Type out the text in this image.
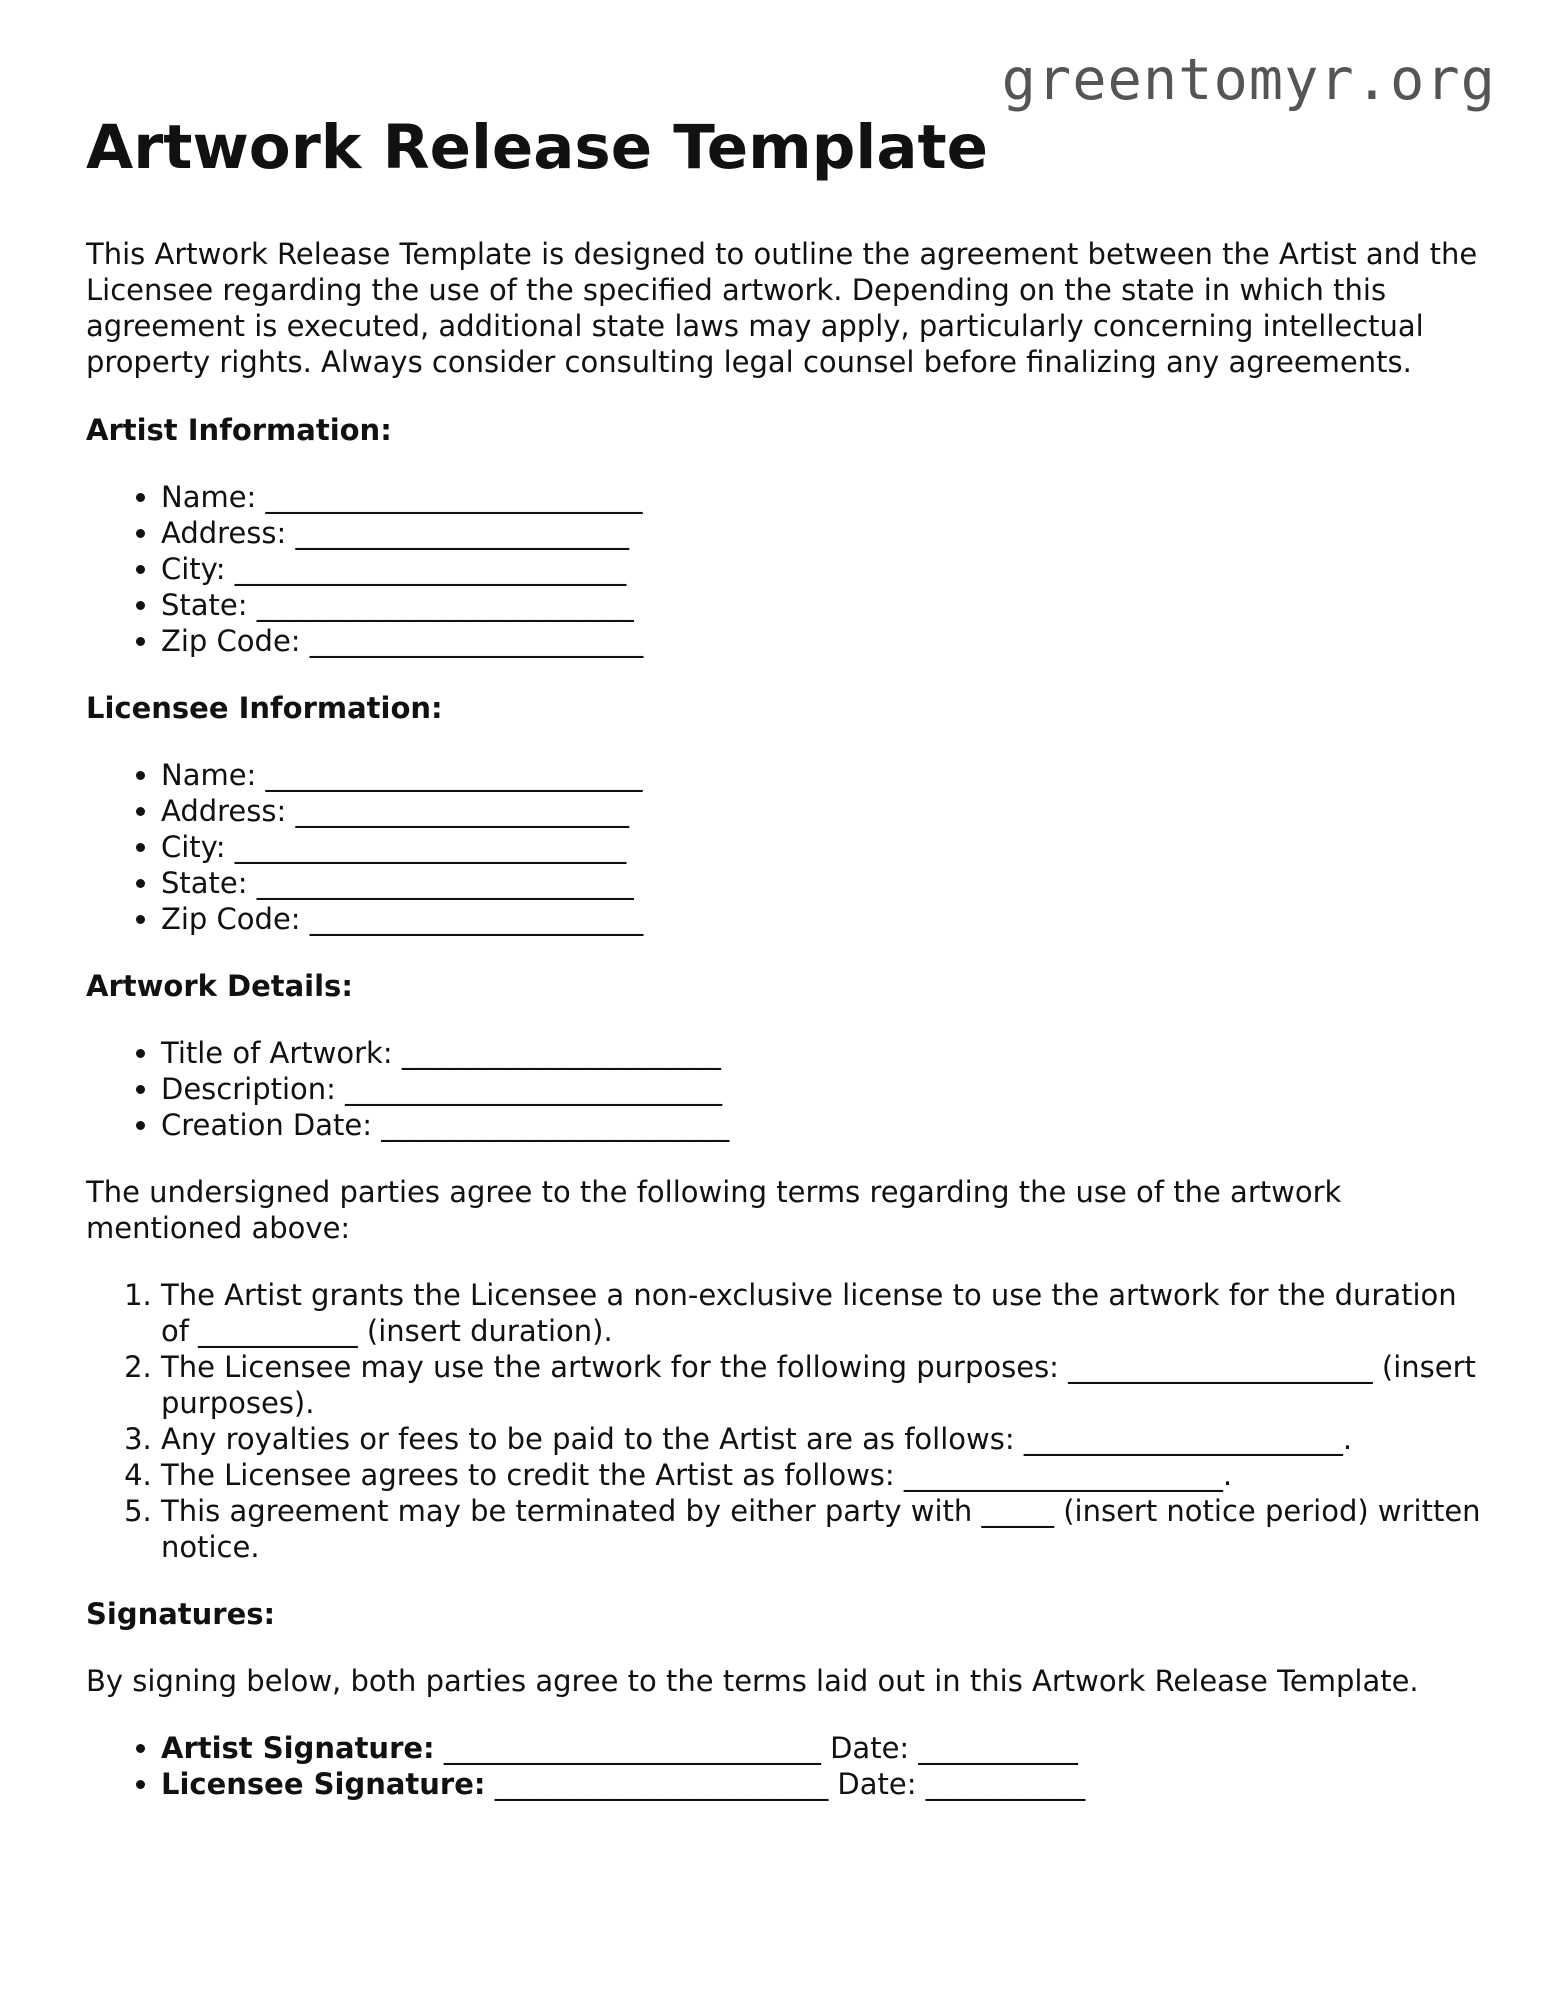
greentomyr.org
Artwork Release Template

This Artwork Release Template is designed to outline the agreement between the Artist and the Licensee regarding the use of the specified artwork. Depending on the state in which this agreement is executed, additional state laws may apply, particularly concerning intellectual property rights. Always consider consulting legal counsel before finalizing any agreements.

Artist Information:
• Name: __________________________
• Address: _______________________
• City: ___________________________
• State: __________________________
• Zip Code: _______________________
Licensee Information:
• Name: __________________________
• Address: _______________________
• City: ___________________________
• State: __________________________
• Zip Code: _______________________
Artwork Details:
• Title of Artwork: ______________________
• Description: __________________________
• Creation Date: ________________________

The undersigned parties agree to the following terms regarding the use of the artwork mentioned above:

1. The Artist grants the Licensee a non-exclusive license to use the artwork for the duration of ___________ (insert duration).
2. The Licensee may use the artwork for the following purposes: _____________________ (insert purposes).
3. Any royalties or fees to be paid to the Artist are as follows: ______________________.
4. The Licensee agrees to credit the Artist as follows: ______________________.
5. This agreement may be terminated by either party with _____ (insert notice period) written notice.
Signatures:

By signing below, both parties agree to the terms laid out in this Artwork Release Template.

• Artist Signature: __________________________ Date: ___________
• Licensee Signature: _______________________ Date: ___________
